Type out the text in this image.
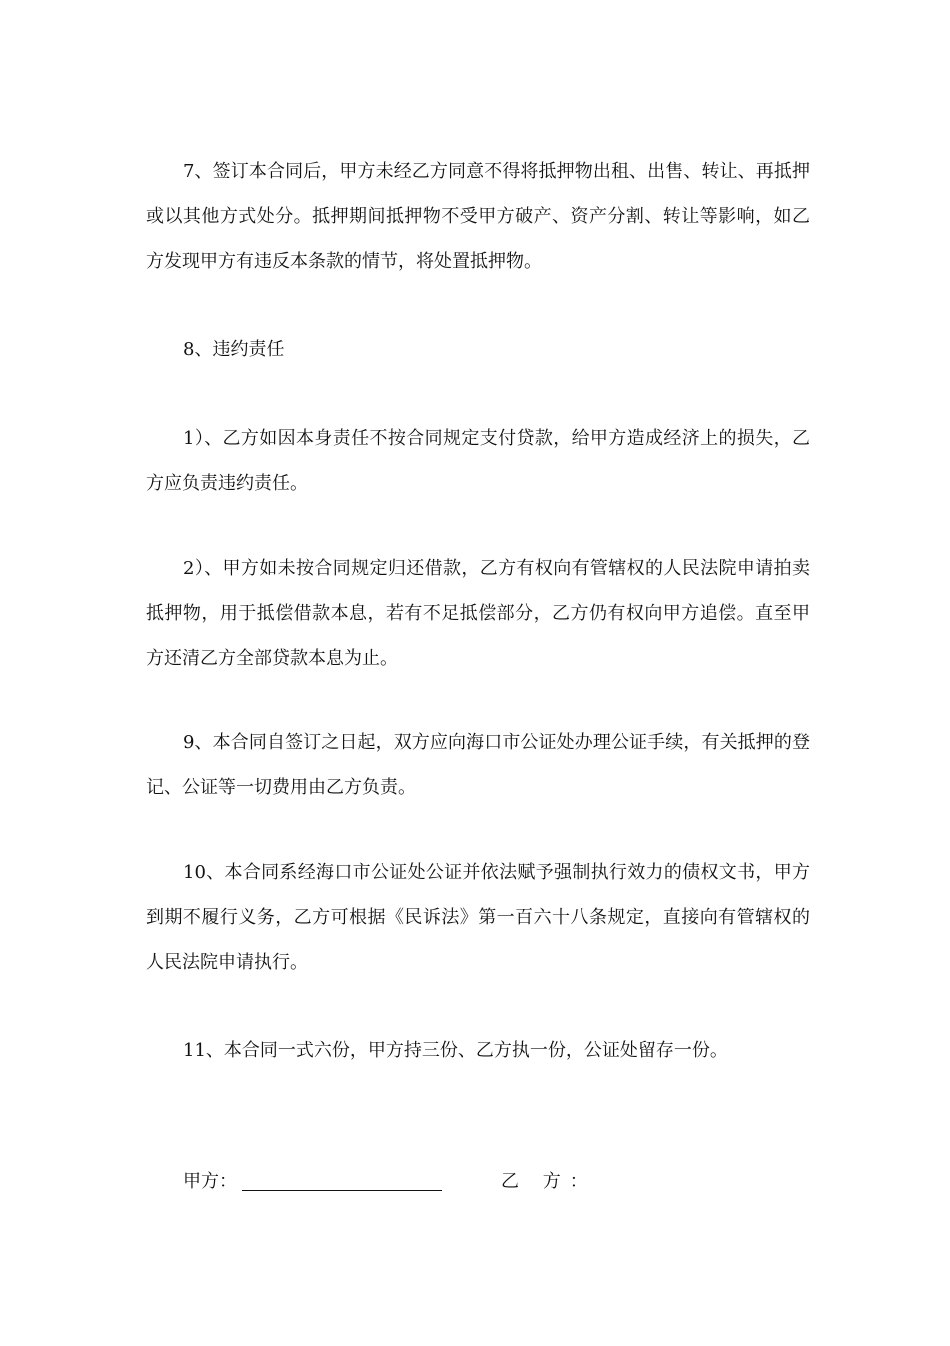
7、签订本合同后，甲方未经乙方同意不得将抵押物出租、出售、转让、再抵押或以其他方式处分。抵押期间抵押物不受甲方破产、资产分割、转让等影响，如乙方发现甲方有违反本条款的情节，将处置抵押物。

8、违约责任

1）、乙方如因本身责任不按合同规定支付贷款，给甲方造成经济上的损失，乙方应负责违约责任。

2）、甲方如未按合同规定归还借款，乙方有权向有管辖权的人民法院申请拍卖抵押物，用于抵偿借款本息，若有不足抵偿部分，乙方仍有权向甲方追偿。直至甲方还清乙方全部贷款本息为止。

9、本合同自签订之日起，双方应向海口市公证处办理公证手续，有关抵押的登记、公证等一切费用由乙方负责。

10、本合同系经海口市公证处公证并依法赋予强制执行效力的债权文书，甲方到期不履行义务，乙方可根据《民诉法》第一百六十八条规定，直接向有管辖权的人民法院申请执行。

11、本合同一式六份，甲方持三份、乙方执一份，公证处留存一份。

甲方：	乙 方：
